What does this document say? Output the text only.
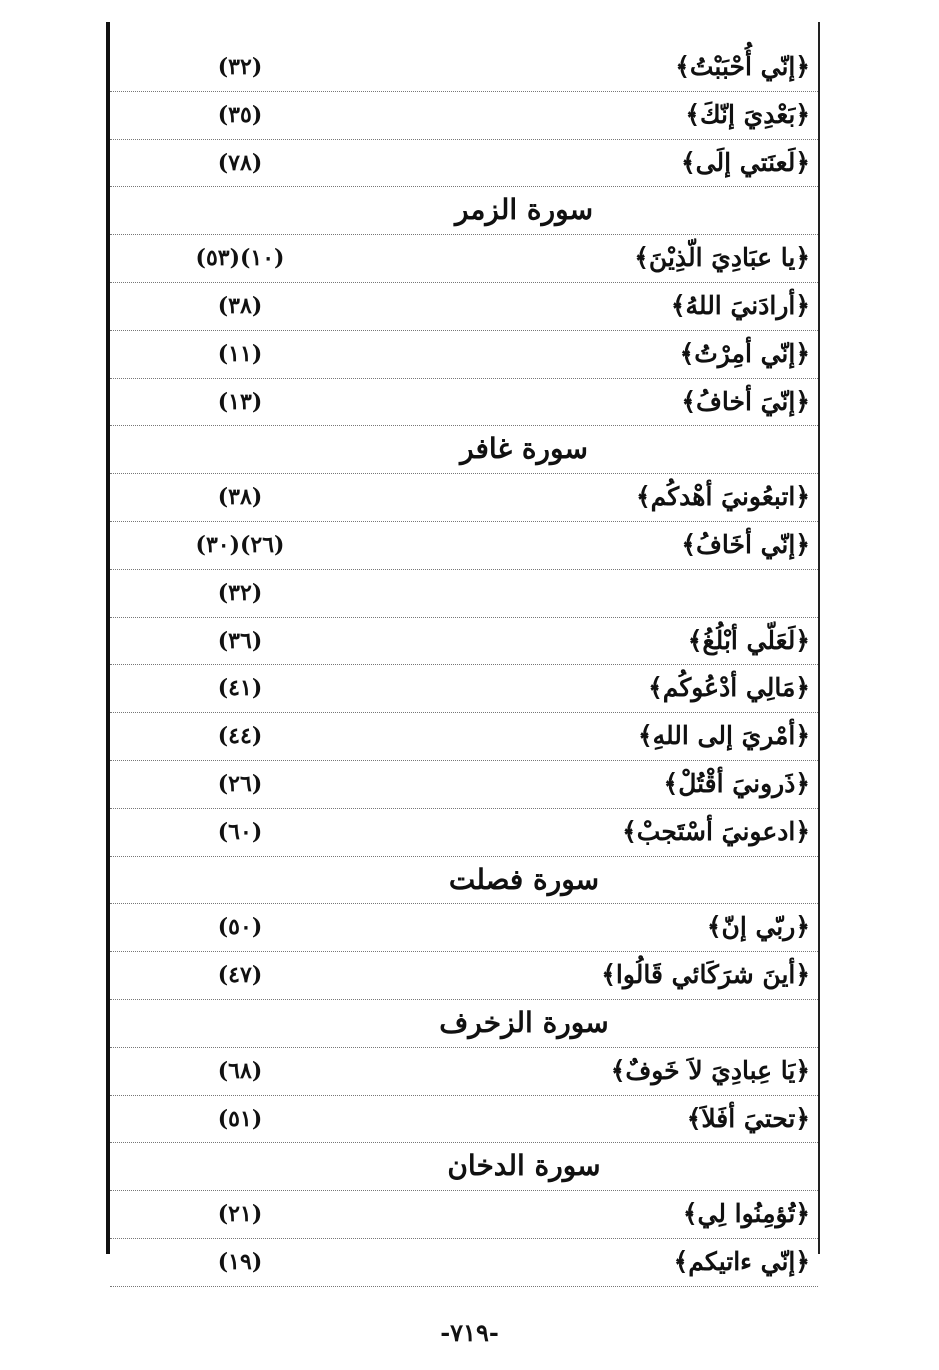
﴿إنّي أُحْبَبْتُ﴾
(٣٢)
﴿بَعْدِيَ إنّكَ﴾
(٣٥)
﴿لَعنَتي إلَى﴾
(٧٨)
سورة الزمر
﴿يا عبَادِيَ الّذِيْنَ﴾
(١٠)(٥٣)
﴿أرادَنيَ اللهُ﴾
(٣٨)
﴿إنّي أمِرْتُ﴾
(١١)
﴿إنّيَ أخافُ﴾
(١٣)
سورة غافر
﴿اتبعُونيَ أهْدكُم﴾
(٣٨)
﴿إنّي أخَافُ﴾
(٢٦)(٣٠)
(٣٢)
﴿لَعَلّي أبْلُغُ﴾
(٣٦)
﴿مَالِي أدْعُوكُم﴾
(٤١)
﴿أمْريَ إلى اللهِ﴾
(٤٤)
﴿ذَرونيَ أقْتُلْ﴾
(٢٦)
﴿ادعونيَ أسْتَجبْ﴾
(٦٠)
سورة فصلت
﴿ربّي إنّ﴾
(٥٠)
﴿أينَ شرَكَائي قَالُوا﴾
(٤٧)
سورة الزخرف
﴿يَا عِبادِيَ لاَ خَوفٌ﴾
(٦٨)
﴿تحتيَ أفَلاَ﴾
(٥١)
سورة الدخان
﴿تُؤمِنُوا لِي﴾
(٢١)
﴿إنّي ءاتيكم﴾
(١٩)
-٧١٩-
